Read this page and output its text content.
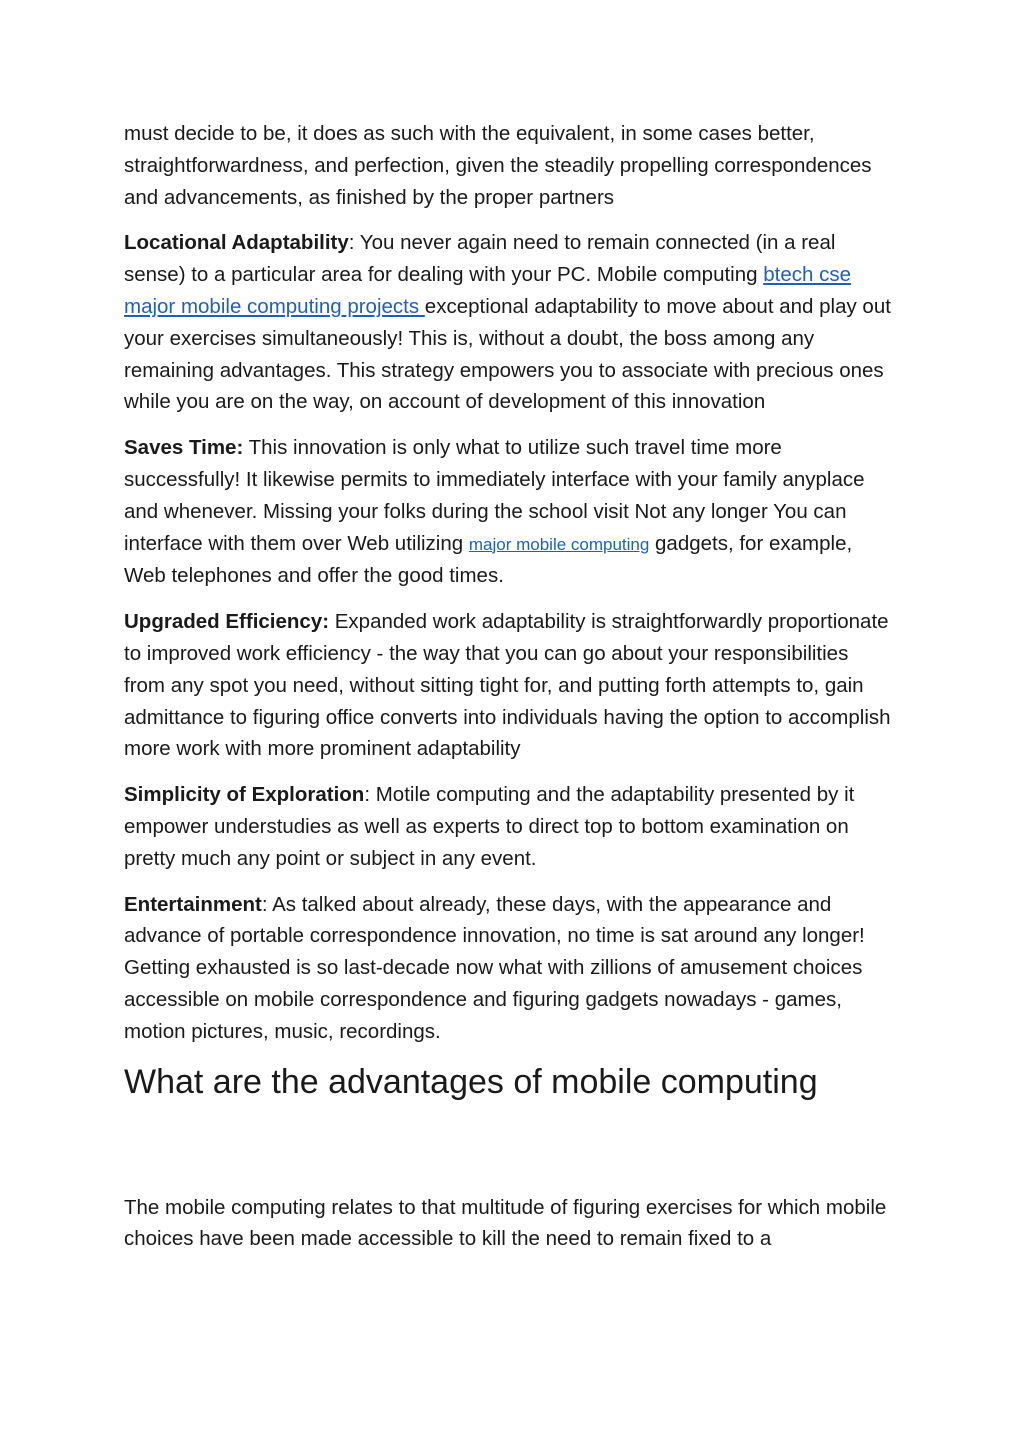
must decide to be, it does as such with the equivalent, in some cases better, straightforwardness, and perfection, given the steadily propelling correspondences and advancements, as finished by the proper partners

Locational Adaptability: You never again need to remain connected (in a real sense) to a particular area for dealing with your PC. Mobile computing btech cse major mobile computing projects exceptional adaptability to move about and play out your exercises simultaneously! This is, without a doubt, the boss among any remaining advantages. This strategy empowers you to associate with precious ones while you are on the way, on account of development of this innovation

Saves Time: This innovation is only what to utilize such travel time more successfully! It likewise permits to immediately interface with your family anyplace and whenever. Missing your folks during the school visit Not any longer You can interface with them over Web utilizing major mobile computing gadgets, for example, Web telephones and offer the good times.

Upgraded Efficiency: Expanded work adaptability is straightforwardly proportionate to improved work efficiency - the way that you can go about your responsibilities from any spot you need, without sitting tight for, and putting forth attempts to, gain admittance to figuring office converts into individuals having the option to accomplish more work with more prominent adaptability

Simplicity of Exploration: Motile computing and the adaptability presented by it empower understudies as well as experts to direct top to bottom examination on pretty much any point or subject in any event.

Entertainment: As talked about already, these days, with the appearance and advance of portable correspondence innovation, no time is sat around any longer! Getting exhausted is so last-decade now what with zillions of amusement choices accessible on mobile correspondence and figuring gadgets nowadays - games, motion pictures, music, recordings.

What are the advantages of mobile computing

The mobile computing relates to that multitude of figuring exercises for which mobile choices have been made accessible to kill the need to remain fixed to a
